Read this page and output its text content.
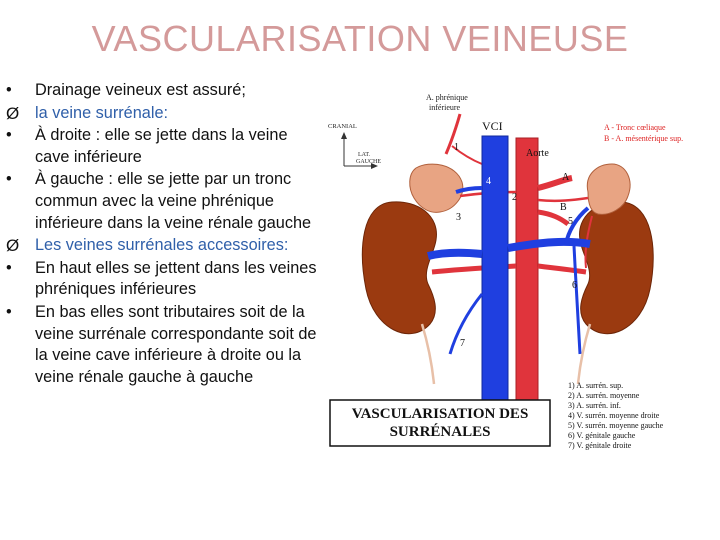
VASCULARISATION VEINEUSE
•	Drainage veineux est assuré;
Ø la veine surrénale:
•	À droite : elle se jette dans la veine cave inférieure
•	À gauche : elle se jette par un tronc commun avec la veine phrénique inférieure dans la veine rénale gauche
Ø Les veines surrénales accessoires:
•	En haut elles se jettent dans les veines phréniques inférieures
•	En bas elles sont tributaires soit de la veine surrénale correspondante soit de la veine cave inférieure à droite ou la veine rénale gauche à gauche
A - Tronc cœliaque
B - A. mésentérique sup.
CRANIAL
LAT.
GAUCHE
A. phrénique
inférieure
VCI
Aorte
A
B
1
2
3
4
5
6
7
1) A. surrén. sup.
2) A. surrén. moyenne
3) A. surrén. inf.
4) V. surrén. moyenne droite
5) V. surrén. moyenne gauche
6) V. génitale gauche
7) V. génitale droite
VASCULARISATION DES
SURRÉNALES
